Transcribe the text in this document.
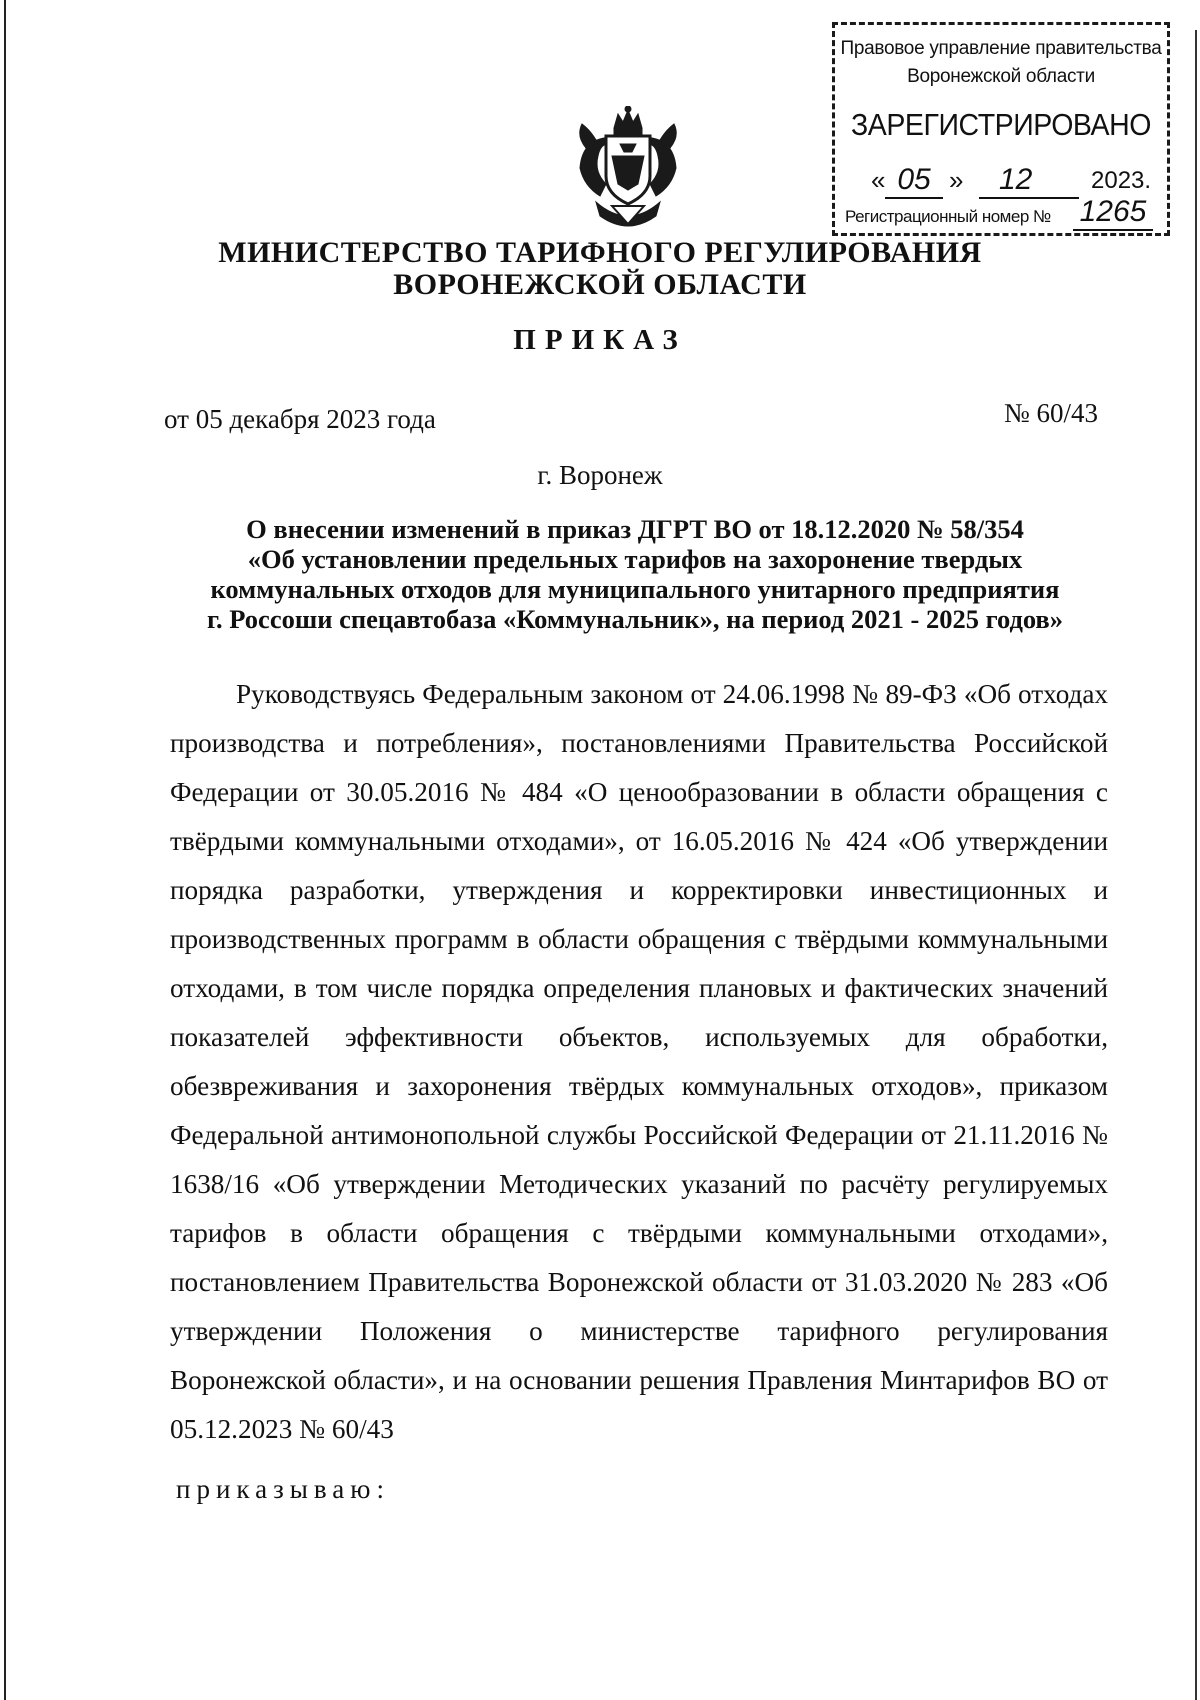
Правовое управление правительства
Воронежской области
ЗАРЕГИСТРИРОВАНО
« 05 »	12	2023.
Регистрационный номер № 1265
МИНИСТЕРСТВО ТАРИФНОГО РЕГУЛИРОВАНИЯ
ВОРОНЕЖСКОЙ ОБЛАСТИ
ПРИКАЗ
от 05 декабря 2023 года	№ 60/43
г. Воронеж
О внесении изменений в приказ ДГРТ ВО от 18.12.2020 № 58/354
«Об установлении предельных тарифов на захоронение твердых
коммунальных отходов для муниципального унитарного предприятия
г. Россоши спецавтобаза «Коммунальник», на период 2021 - 2025 годов»

Руководствуясь Федеральным законом от 24.06.1998 № 89-ФЗ «Об отходах производства и потребления», постановлениями Правительства Российской Федерации от 30.05.2016 № 484 «О ценообразовании в области обращения с твёрдыми коммунальными отходами», от 16.05.2016 № 424 «Об утверждении порядка разработки, утверждения и корректировки инвестиционных и производственных программ в области обращения с твёрдыми коммунальными отходами, в том числе порядка определения плановых и фактических значений показателей эффективности объектов, используемых для обработки, обезвреживания и захоронения твёрдых коммунальных отходов», приказом Федеральной антимонопольной службы Российской Федерации от 21.11.2016 № 1638/16 «Об утверждении Методических указаний по расчёту регулируемых тарифов в области обращения с твёрдыми коммунальными отходами», постановлением Правительства Воронежской области от 31.03.2020 № 283 «Об утверждении Положения о министерстве тарифного регулирования Воронежской области», и на основании решения Правления Минтарифов ВО от 05.12.2023 № 60/43

приказываю:
